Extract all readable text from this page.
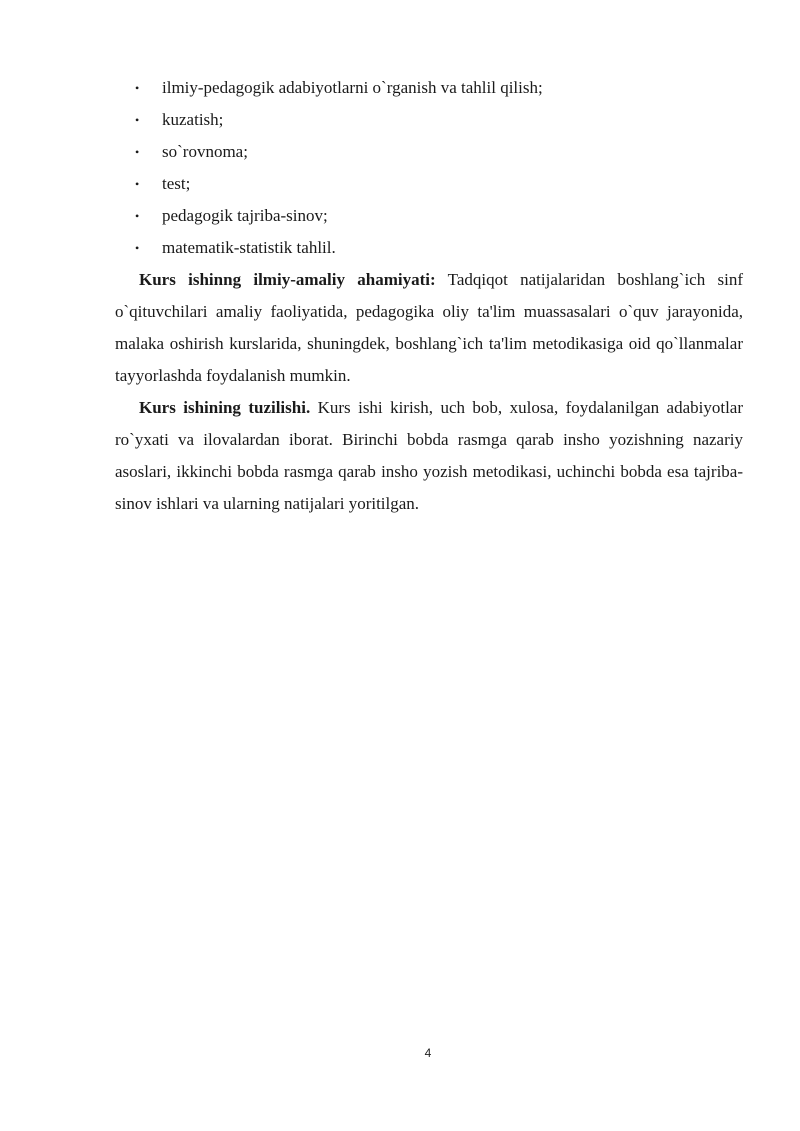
• ilmiy-pedagogik adabiyotlarni o`rganish va tahlil qilish;
• kuzatish;
• so`rovnoma;
• test;
• pedagogik tajriba-sinov;
• matematik-statistik tahlil.

Kurs ishinng ilmiy-amaliy ahamiyati: Tadqiqot natijalaridan boshlang`ich sinf o`qituvchilari amaliy faoliyatida, pedagogika oliy ta'lim muassasalari o`quv jarayonida, malaka oshirish kurslarida, shuningdek, boshlang`ich ta'lim metodikasiga oid qo`llanmalar tayyorlashda foydalanish mumkin.

Kurs ishining tuzilishi. Kurs ishi kirish, uch bob, xulosa, foydalanilgan adabiyotlar ro`yxati va ilovalardan iborat. Birinchi bobda rasmga qarab insho yozishning nazariy asoslari, ikkinchi bobda rasmga qarab insho yozish metodikasi, uchinchi bobda esa tajriba-sinov ishlari va ularning natijalari yoritilgan.

4
